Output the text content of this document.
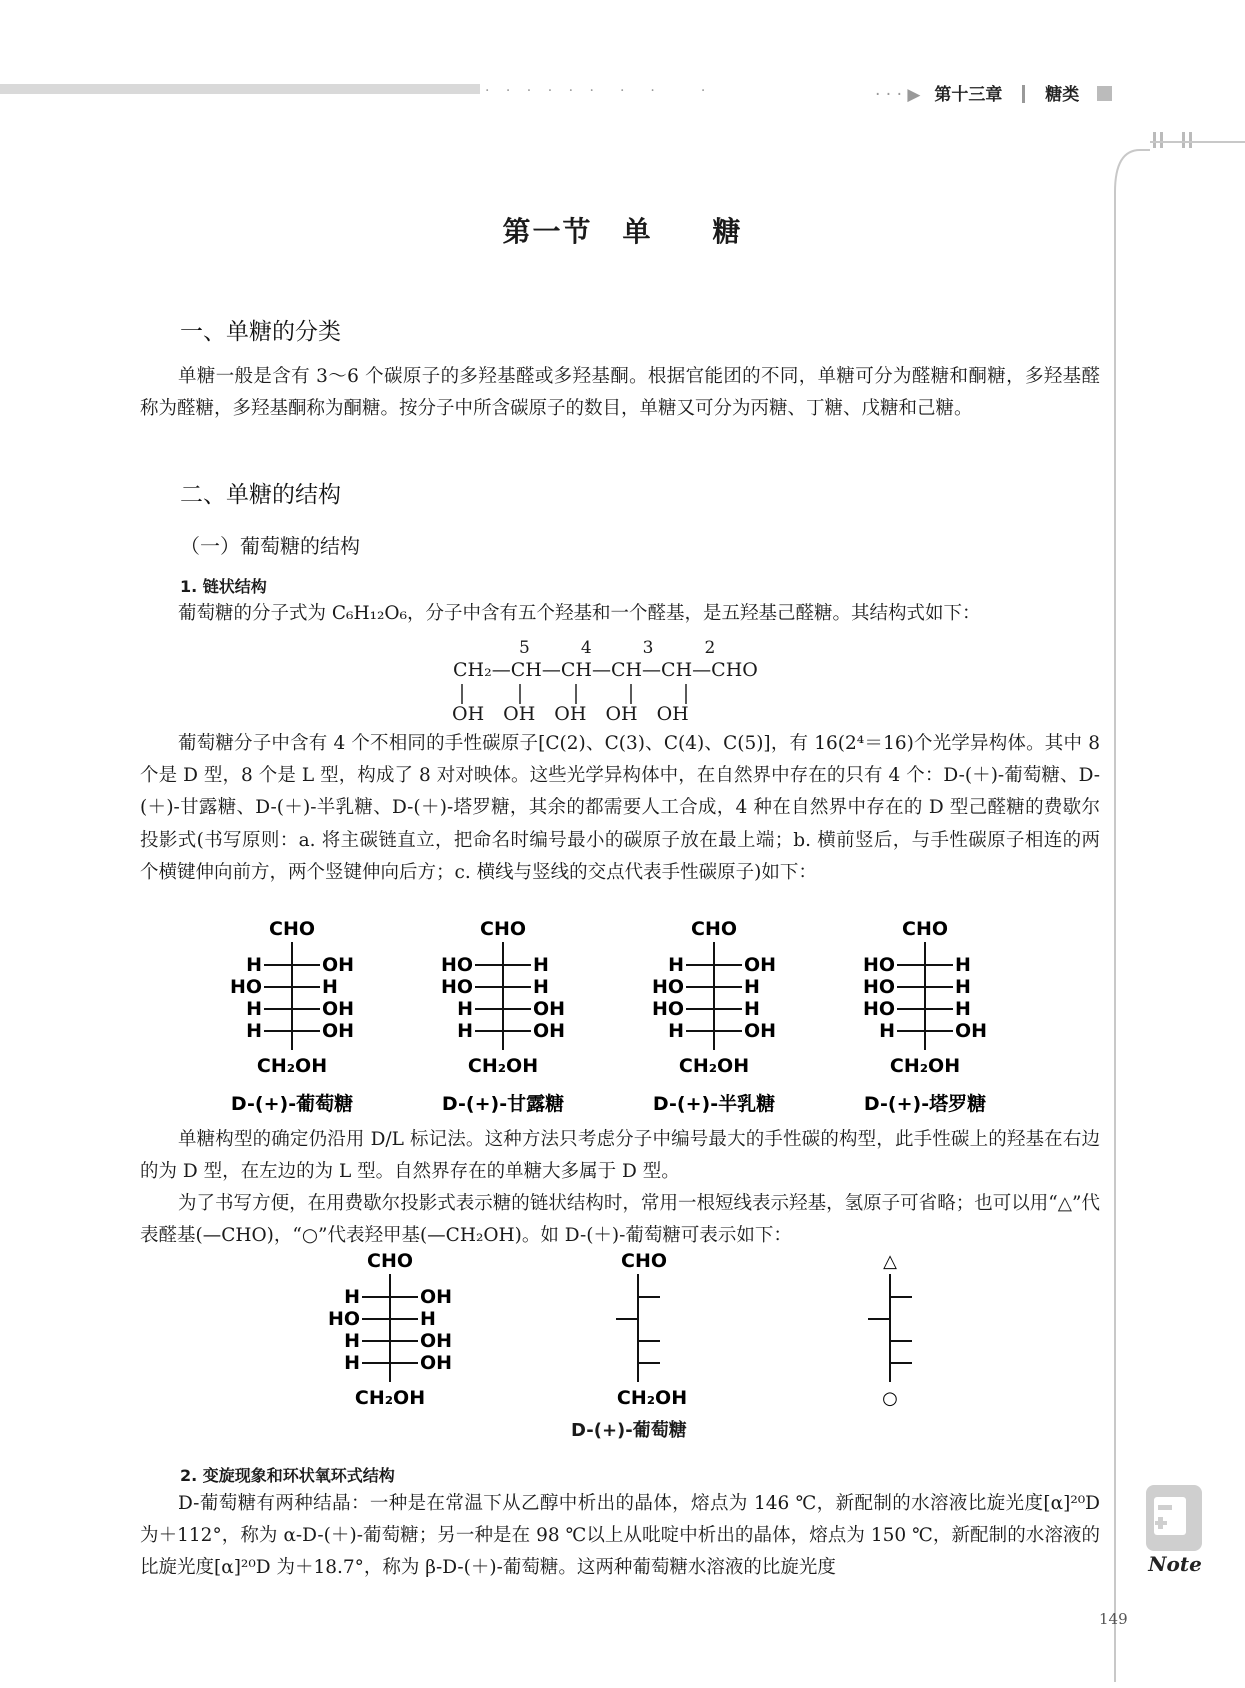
· · · · · ·　·　·　　·	· · · ▶ 第十三章	糖类
第一节　单　　糖
一、单糖的分类
单糖一般是含有 3～6 个碳原子的多羟基醛或多羟基酮。根据官能团的不同，单糖可分为醛糖和酮糖，多羟基醛称为醛糖，多羟基酮称为酮糖。按分子中所含碳原子的数目，单糖又可分为丙糖、丁糖、戊糖和己糖。
二、单糖的结构
（一）葡萄糖的结构
1. 链状结构
葡萄糖的分子式为 C₆H₁₂O₆，分子中含有五个羟基和一个醛基，是五羟基己醛糖。其结构式如下：
5　　　4　　　3　　　2
CH₂—CH—CH—CH—CH—CHO
OH　OH　OH　OH　OH
葡萄糖分子中含有 4 个不相同的手性碳原子[C(2)、C(3)、C(4)、C(5)]，有 16(2⁴＝16)个光学异构体。其中 8 个是 D 型，8 个是 L 型，构成了 8 对对映体。这些光学异构体中，在自然界中存在的只有 4 个：D-(＋)-葡萄糖、D-(＋)-甘露糖、D-(＋)-半乳糖、D-(＋)-塔罗糖，其余的都需要人工合成，4 种在自然界中存在的 D 型己醛糖的费歇尔投影式(书写原则：a. 将主碳链直立，把命名时编号最小的碳原子放在最上端；b. 横前竖后，与手性碳原子相连的两个横键伸向前方，两个竖键伸向后方；c. 横线与竖线的交点代表手性碳原子)如下：
CHO
H
HO
H
H
OH
H
OH
OH
CH₂OH
D-(+)-葡萄糖
CHO
HO
HO
H
H
H
H
OH
OH
CH₂OH
D-(+)-甘露糖
CHO
H
HO
HO
H
OH
H
H
OH
CH₂OH
D-(+)-半乳糖
CHO
HO
HO
HO
H
H
H
H
OH
CH₂OH
D-(+)-塔罗糖
单糖构型的确定仍沿用 D/L 标记法。这种方法只考虑分子中编号最大的手性碳的构型，此手性碳上的羟基在右边的为 D 型，在左边的为 L 型。自然界存在的单糖大多属于 D 型。
为了书写方便，在用费歇尔投影式表示糖的链状结构时，常用一根短线表示羟基，氢原子可省略；也可以用“△”代表醛基(—CHO)，“○”代表羟甲基(—CH₂OH)。如 D-(＋)-葡萄糖可表示如下：
CHO
H
HO
H
H
OH
H
OH
OH
CH₂OH
CHO
CH₂OH
△
○
D-(+)-葡萄糖
2. 变旋现象和环状氧环式结构
D-葡萄糖有两种结晶：一种是在常温下从乙醇中析出的晶体，熔点为 146 ℃，新配制的水溶液比旋光度[α]²⁰D 为＋112°，称为 α-D-(＋)-葡萄糖；另一种是在 98 ℃以上从吡啶中析出的晶体，熔点为 150 ℃，新配制的水溶液的比旋光度[α]²⁰D 为＋18.7°，称为 β-D-(＋)-葡萄糖。这两种葡萄糖水溶液的比旋光度	Note
149
